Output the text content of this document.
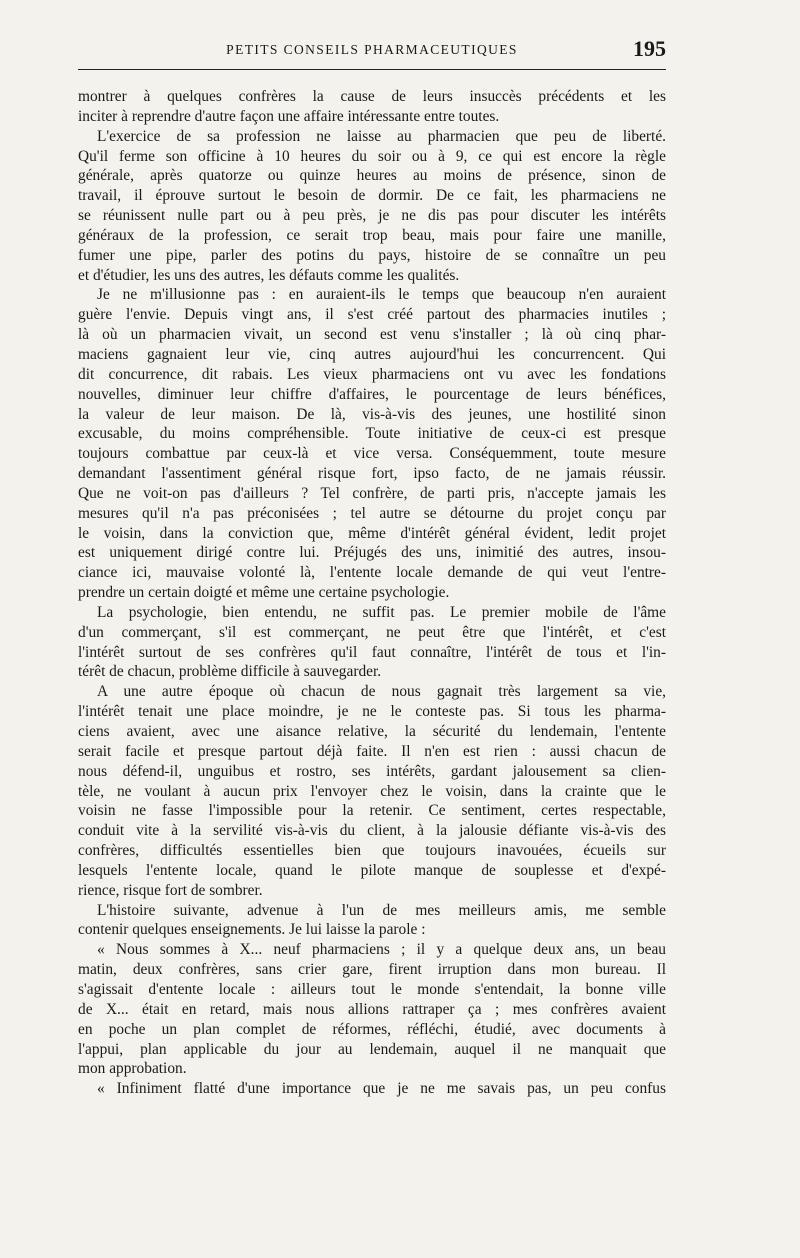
PETITS CONSEILS PHARMACEUTIQUES	195
montrer à quelques confrères la cause de leurs insuccès précédents et les
inciter à reprendre d'autre façon une affaire intéressante entre toutes.
L'exercice de sa profession ne laisse au pharmacien que peu de liberté.
Qu'il ferme son officine à 10 heures du soir ou à 9, ce qui est encore la règle
générale, après quatorze ou quinze heures au moins de présence, sinon de
travail, il éprouve surtout le besoin de dormir. De ce fait, les pharmaciens ne
se réunissent nulle part ou à peu près, je ne dis pas pour discuter les intérêts
généraux de la profession, ce serait trop beau, mais pour faire une manille,
fumer une pipe, parler des potins du pays, histoire de se connaître un peu
et d'étudier, les uns des autres, les défauts comme les qualités.
Je ne m'illusionne pas : en auraient-ils le temps que beaucoup n'en auraient
guère l'envie. Depuis vingt ans, il s'est créé partout des pharmacies inutiles ;
là où un pharmacien vivait, un second est venu s'installer ; là où cinq phar-
maciens gagnaient leur vie, cinq autres aujourd'hui les concurrencent. Qui
dit concurrence, dit rabais. Les vieux pharmaciens ont vu avec les fondations
nouvelles, diminuer leur chiffre d'affaires, le pourcentage de leurs bénéfices,
la valeur de leur maison. De là, vis-à-vis des jeunes, une hostilité sinon
excusable, du moins compréhensible. Toute initiative de ceux-ci est presque
toujours combattue par ceux-là et vice versa. Conséquemment, toute mesure
demandant l'assentiment général risque fort, ipso facto, de ne jamais réussir.
Que ne voit-on pas d'ailleurs ? Tel confrère, de parti pris, n'accepte jamais les
mesures qu'il n'a pas préconisées ; tel autre se détourne du projet conçu par
le voisin, dans la conviction que, même d'intérêt général évident, ledit projet
est uniquement dirigé contre lui. Préjugés des uns, inimitié des autres, insou-
ciance ici, mauvaise volonté là, l'entente locale demande de qui veut l'entre-
prendre un certain doigté et même une certaine psychologie.
La psychologie, bien entendu, ne suffit pas. Le premier mobile de l'âme
d'un commerçant, s'il est commerçant, ne peut être que l'intérêt, et c'est
l'intérêt surtout de ses confrères qu'il faut connaître, l'intérêt de tous et l'in-
térêt de chacun, problème difficile à sauvegarder.
A une autre époque où chacun de nous gagnait très largement sa vie,
l'intérêt tenait une place moindre, je ne le conteste pas. Si tous les pharma-
ciens avaient, avec une aisance relative, la sécurité du lendemain, l'entente
serait facile et presque partout déjà faite. Il n'en est rien : aussi chacun de
nous défend-il, unguibus et rostro, ses intérêts, gardant jalousement sa clien-
tèle, ne voulant à aucun prix l'envoyer chez le voisin, dans la crainte que le
voisin ne fasse l'impossible pour la retenir. Ce sentiment, certes respectable,
conduit vite à la servilité vis-à-vis du client, à la jalousie défiante vis-à-vis des
confrères, difficultés essentielles bien que toujours inavouées, écueils sur
lesquels l'entente locale, quand le pilote manque de souplesse et d'expé-
rience, risque fort de sombrer.
L'histoire suivante, advenue à l'un de mes meilleurs amis, me semble
contenir quelques enseignements. Je lui laisse la parole :
« Nous sommes à X... neuf pharmaciens ; il y a quelque deux ans, un beau
matin, deux confrères, sans crier gare, firent irruption dans mon bureau. Il
s'agissait d'entente locale : ailleurs tout le monde s'entendait, la bonne ville
de X... était en retard, mais nous allions rattraper ça ; mes confrères avaient
en poche un plan complet de réformes, réfléchi, étudié, avec documents à
l'appui, plan applicable du jour au lendemain, auquel il ne manquait que
mon approbation.
« Infiniment flatté d'une importance que je ne me savais pas, un peu confus
